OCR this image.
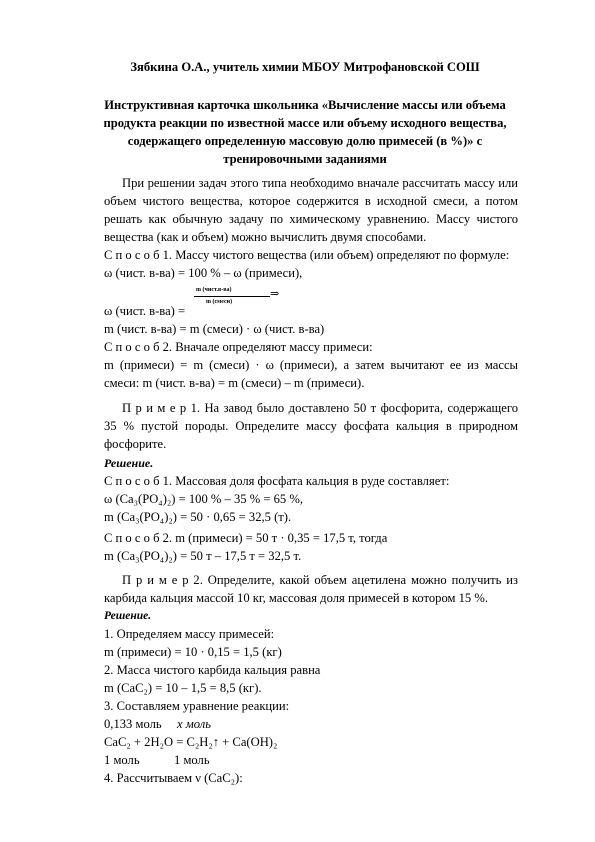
Зябкина О.А., учитель химии МБОУ Митрофановской СОШ
Инструктивная карточка школьника «Вычисление массы или объема
продукта реакции по известной массе или объему исходного вещества,
содержащего определенную массовую долю примесей (в %)» с
тренировочными заданиями
При решении задач этого типа необходимо вначале рассчитать массу или
объем чистого вещества, которое содержится в исходной смеси, а потом
решать как обычную задачу по химическому уравнению. Массу чистого
вещества (как и объем) можно вычислить двумя способами.
С п о с о б 1. Массу чистого вещества (или объем) определяют по формуле:
ω (чист. в-ва) = 100 % – ω (примеси),
m (чист.в-ва)	⇒
m (смеси)
ω (чист. в-ва) =
m (чист. в-ва) = m (смеси) · ω (чист. в-ва)
С п о с о б 2. Вначале определяют массу примеси:
m (примеси) = m (смеси) · ω (примеси), а затем вычитают ее из массы
смеси: m (чист. в-ва) = m (смеси) – m (примеси).
П р и м е р 1. На завод было доставлено 50 т фосфорита, содержащего
35 % пустой породы. Определите массу фосфата кальция в природном
фосфорите.
Решение.
С п о с о б 1. Массовая доля фосфата кальция в руде составляет:
ω (Ca₃(PO₄)₂) = 100 % – 35 % = 65 %,
m (Ca₃(PO₄)₂) = 50 · 0,65 = 32,5 (т).
С п о с о б 2. m (примеси) = 50 т · 0,35 = 17,5 т, тогда
m (Ca₃(PO₄)₂) = 50 т – 17,5 т = 32,5 т.
П р и м е р 2. Определите, какой объем ацетилена можно получить из
карбида кальция массой 10 кг, массовая доля примесей в котором 15 %.
Решение.
1. Определяем массу примесей:
m (примеси) = 10 · 0,15 = 1,5 (кг)
2. Масса чистого карбида кальция равна
m (CaC₂) = 10 – 1,5 = 8,5 (кг).
3. Составляем уравнение реакции:
0,133 моль x моль
CaC₂ + 2H₂O = C₂H₂↑ + Ca(OH)₂
1 моль	1 моль
4. Рассчитываем ν (CaC₂):
